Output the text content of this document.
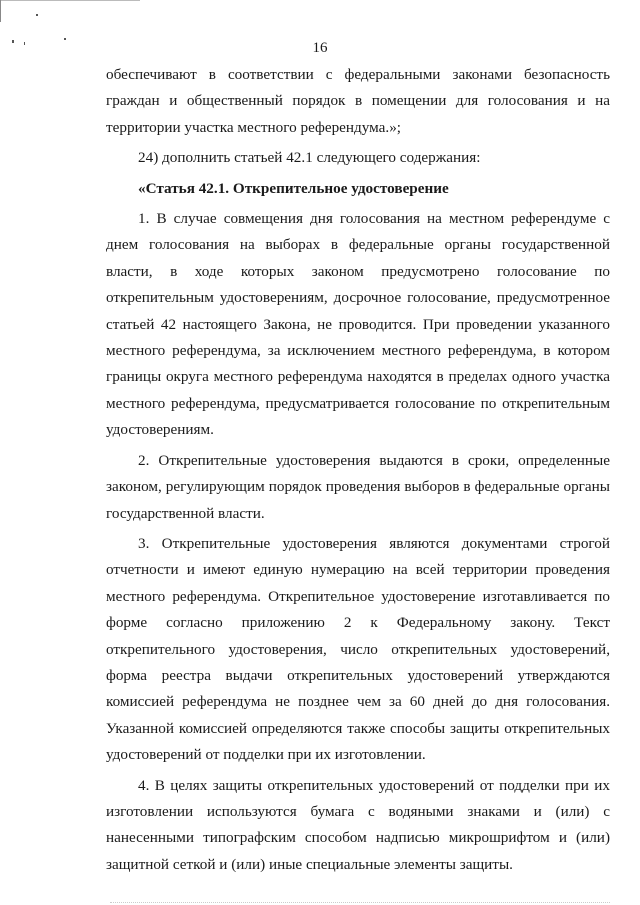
16

обеспечивают в соответствии с федеральными законами безопасность граждан и общественный порядок в помещении для голосования и на территории участка местного референдума.»;

24) дополнить статьей 42.1 следующего содержания:

«Статья 42.1. Открепительное удостоверение

1. В случае совмещения дня голосования на местном референдуме с днем голосования на выборах в федеральные органы государственной власти, в ходе которых законом предусмотрено голосование по открепительным удостоверениям, досрочное голосование, предусмотренное статьей 42 настоящего Закона, не проводится. При проведении указанного местного референдума, за исключением местного референдума, в котором границы округа местного референдума находятся в пределах одного участка местного референдума, предусматривается голосование по открепительным удостоверениям.

2. Открепительные удостоверения выдаются в сроки, определенные законом, регулирующим порядок проведения выборов в федеральные органы государственной власти.

3. Открепительные удостоверения являются документами строгой отчетности и имеют единую нумерацию на всей территории проведения местного референдума. Открепительное удостоверение изготавливается по форме согласно приложению 2 к Федеральному закону. Текст открепительного удостоверения, число открепительных удостоверений, форма реестра выдачи открепительных удостоверений утверждаются комиссией референдума не позднее чем за 60 дней до дня голосования. Указанной комиссией определяются также способы защиты открепительных удостоверений от подделки при их изготовлении.

4. В целях защиты открепительных удостоверений от подделки при их изготовлении используются бумага с водяными знаками и (или) с нанесенными типографским способом надписью микрошрифтом и (или) защитной сеткой и (или) иные специальные элементы защиты.
